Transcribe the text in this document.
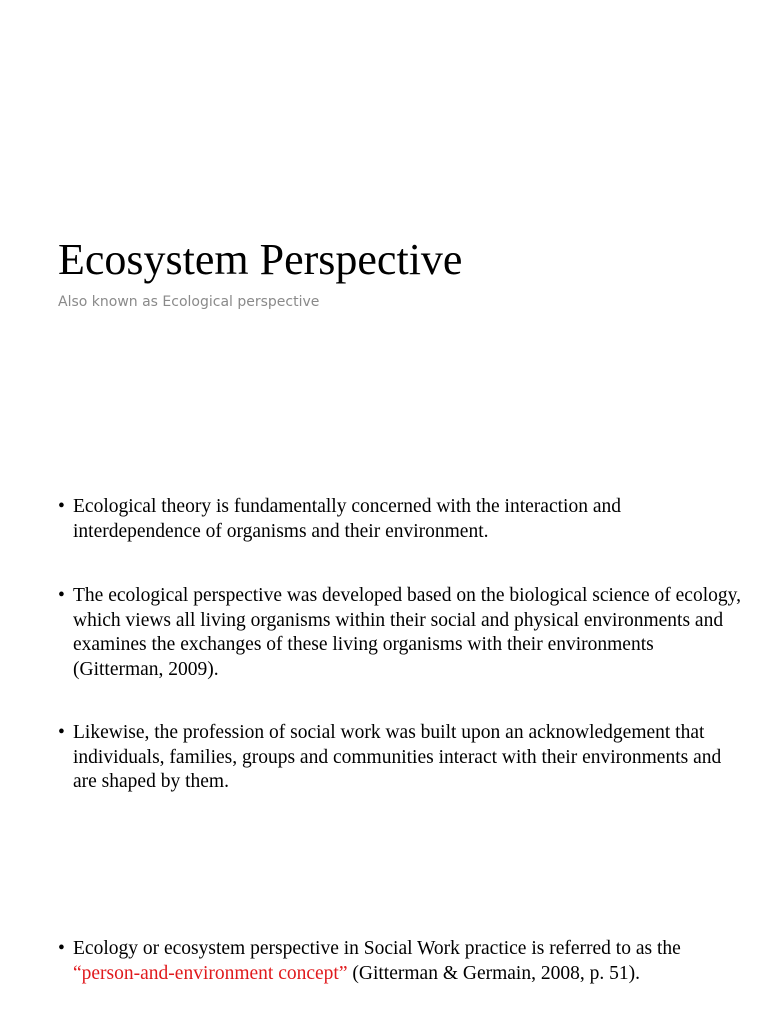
Ecosystem Perspective

Also known as Ecological perspective

• Ecological theory is fundamentally concerned with the interaction and interdependence of organisms and their environment.
• The ecological perspective was developed based on the biological science of ecology, which views all living organisms within their social and physical environments and examines the exchanges of these living organisms with their environments (Gitterman, 2009).
• Likewise, the profession of social work was built upon an acknowledgement that individuals, families, groups and communities interact with their environments and are shaped by them.
• Ecology or ecosystem perspective in Social Work practice is referred to as the “person-and-environment concept” (Gitterman & Germain, 2008, p. 51).
